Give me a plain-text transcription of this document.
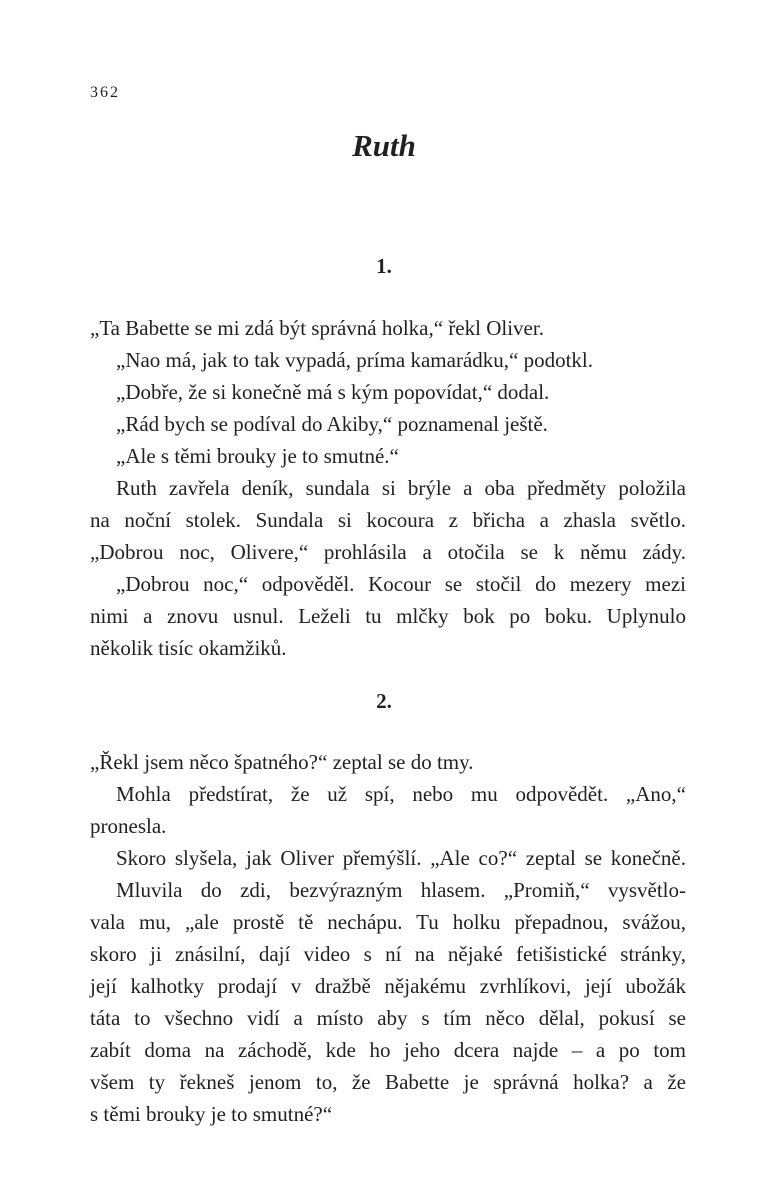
362
Ruth
1.
„Ta Babette se mi zdá být správná holka,“ řekl Oliver.
„Nao má, jak to tak vypadá, príma kamarádku,“ podotkl.
„Dobře, že si konečně má s kým popovídat,“ dodal.
„Rád bych se podíval do Akiby,“ poznamenal ještě.
„Ale s těmi brouky je to smutné.“
Ruth zavřela deník, sundala si brýle a oba předměty položila
na noční stolek. Sundala si kocoura z břicha a zhasla světlo.
„Dobrou noc, Olivere,“ prohlásila a otočila se k němu zády.
„Dobrou noc,“ odpověděl. Kocour se stočil do mezery mezi
nimi a znovu usnul. Leželi tu mlčky bok po boku. Uplynulo
několik tisíc okamžiků.
2.
„Řekl jsem něco špatného?“ zeptal se do tmy.
Mohla předstírat, že už spí, nebo mu odpovědět. „Ano,“
pronesla.
Skoro slyšela, jak Oliver přemýšlí. „Ale co?“ zeptal se konečně.
Mluvila do zdi, bezvýrazným hlasem. „Promiň,“ vysvětlo-
vala mu, „ale prostě tě nechápu. Tu holku přepadnou, svážou,
skoro ji znásilní, dají video s ní na nějaké fetišistické stránky,
její kalhotky prodají v dražbě nějakému zvrhlíkovi, její ubožák
táta to všechno vidí a místo aby s tím něco dělal, pokusí se
zabít doma na záchodě, kde ho jeho dcera najde – a po tom
všem ty řekneš jenom to, že Babette je správná holka? a že
s těmi brouky je to smutné?“
